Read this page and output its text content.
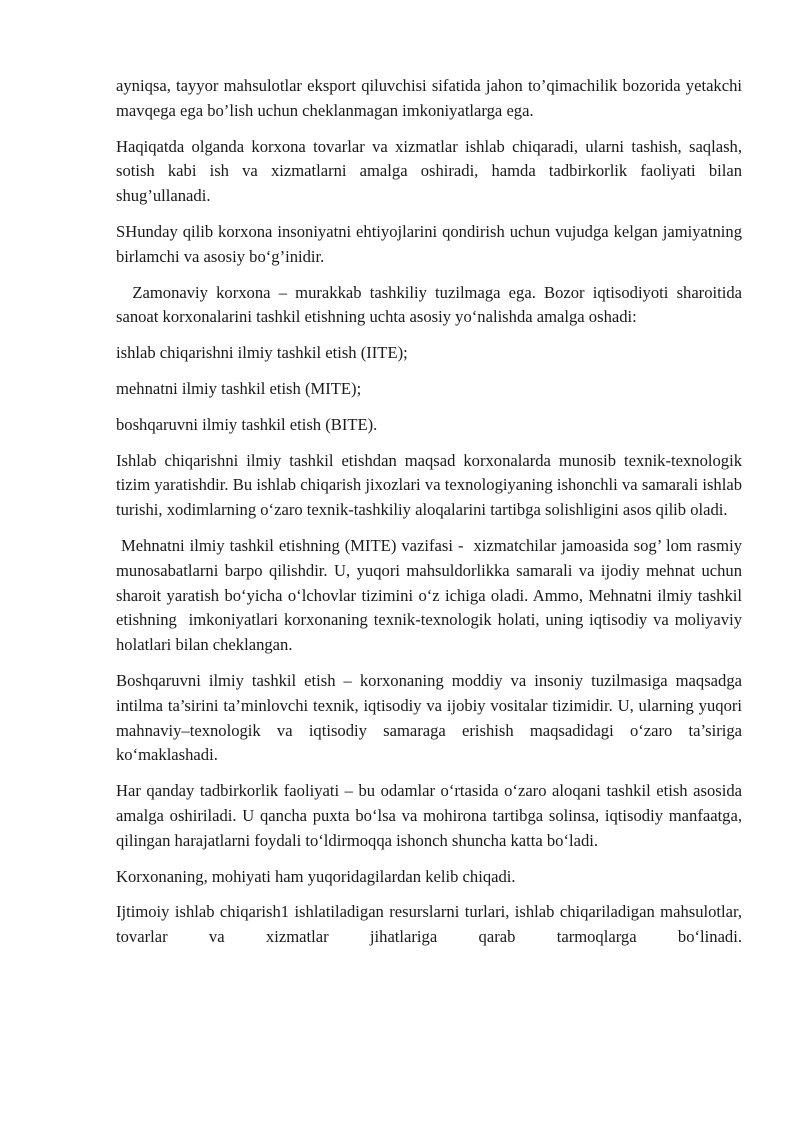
ayniqsa, tayyor mahsulotlar eksport qiluvchisi sifatida jahon to’qimachilik bozorida yetakchi mavqega ega bo’lish uchun cheklanmagan imkoniyatlarga ega.

Haqiqatda olganda korxona tovarlar va xizmatlar ishlab chiqaradi, ularni tashish, saqlash, sotish kabi ish va xizmatlarni amalga oshiradi, hamda tadbirkorlik faoliyati bilan shug’ullanadi.

SHunday qilib korxona insoniyatni ehtiyojlarini qondirish uchun vujudga kelgan jamiyatning birlamchi va asosiy bo‘g’inidir.

Zamonaviy korxona – murakkab tashkiliy tuzilmaga ega. Bozor iqtisodiyoti sharoitida sanoat korxonalarini tashkil etishning uchta asosiy yo‘nalishda amalga oshadi:

ishlab chiqarishni ilmiy tashkil etish (IITE);

mehnatni ilmiy tashkil etish (MITE);

boshqaruvni ilmiy tashkil etish (BITE).

Ishlab chiqarishni ilmiy tashkil etishdan maqsad korxonalarda munosib texnik-texnologik tizim yaratishdir. Bu ishlab chiqarish jixozlari va texnologiyaning ishonchli va samarali ishlab turishi, xodimlarning o‘zaro texnik-tashkiliy aloqalarini tartibga solishligini asos qilib oladi.

Mehnatni ilmiy tashkil etishning (MITE) vazifasi -  xizmatchilar jamoasida sog’ lom rasmiy munosabatlarni barpo qilishdir. U, yuqori mahsuldorlikka samarali va ijodiy mehnat uchun sharoit yaratish bo‘yicha o‘lchovlar tizimini o‘z ichiga oladi. Ammo, Mehnatni ilmiy tashkil etishning  imkoniyatlari korxonaning texnik-texnologik holati, uning iqtisodiy va moliyaviy holatlari bilan cheklangan.

Boshqaruvni ilmiy tashkil etish – korxonaning moddiy va insoniy tuzilmasiga maqsadga intilma ta’sirini ta’minlovchi texnik, iqtisodiy va ijobiy vositalar tizimidir. U, ularning yuqori mahnaviy–texnologik va iqtisodiy samaraga erishish maqsadidagi o‘zaro ta’siriga ko‘maklashadi.

Har qanday tadbirkorlik faoliyati – bu odamlar o‘rtasida o‘zaro aloqani tashkil etish asosida amalga oshiriladi. U qancha puxta bo‘lsa va mohirona tartibga solinsa, iqtisodiy manfaatga, qilingan harajatlarni foydali to‘ldirmoqqa ishonch shuncha katta bo‘ladi.

Korxonaning, mohiyati ham yuqoridagilardan kelib chiqadi.

Ijtimoiy ishlab chiqarish1 ishlatiladigan resurslarni turlari, ishlab chiqariladigan mahsulotlar, tovarlar va xizmatlar jihatlariga qarab tarmoqlarga bo‘linadi.
